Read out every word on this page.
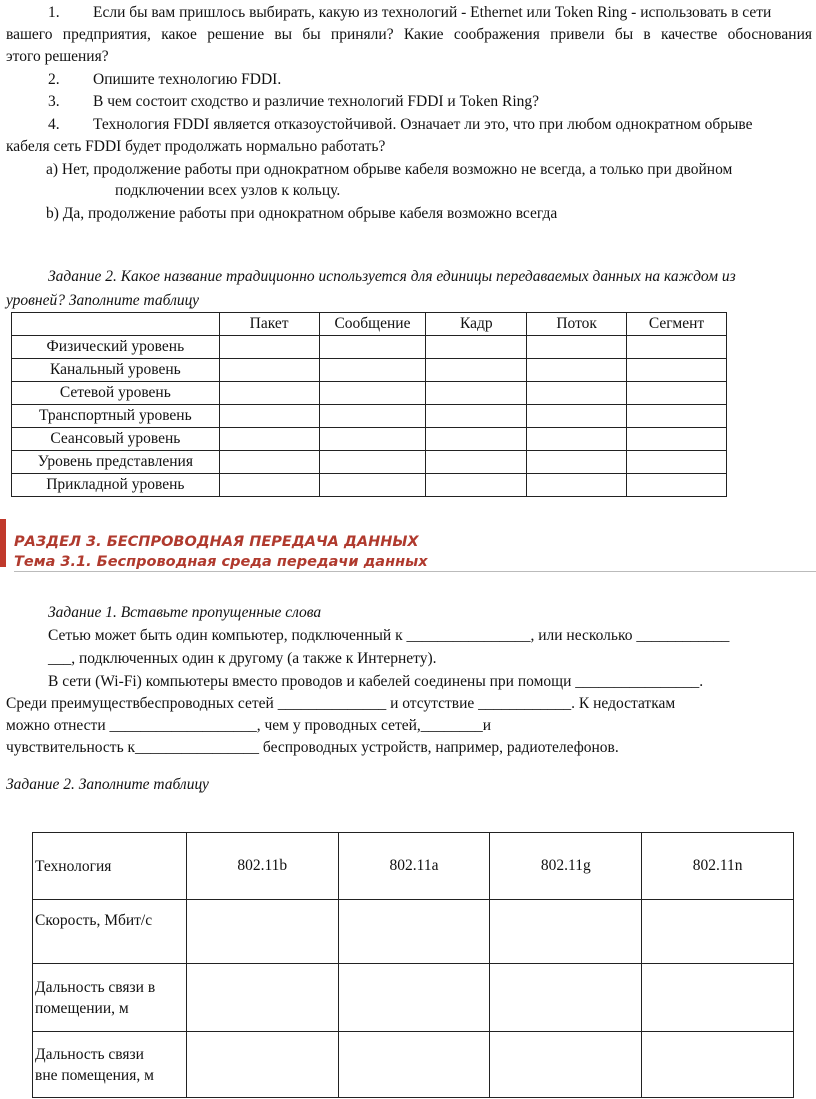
1. Если бы вам пришлось выбирать, какую из технологий - Ethernet или Token Ring - использовать в сети
вашего предприятия, какое решение вы бы приняли? Какие соображения привели бы в качестве обоснования
этого решения?
2. Опишите технологию FDDI.
3. В чем состоит сходство и различие технологий FDDI и Token Ring?
4. Технология FDDI является отказоустойчивой. Означает ли это, что при любом однократном обрыве
кабеля сеть FDDI будет продолжать нормально работать?
a) Нет, продолжение работы при однократном обрыве кабеля возможно не всегда, а только при двойном
подключении всех узлов к кольцу.
b) Да, продолжение работы при однократном обрыве кабеля возможно всегда
Задание 2. Какое название традиционно используется для единицы передаваемых данных на каждом из
уровней? Заполните таблицу
	Пакет	Сообщение	Кадр	Поток	Сегмент
Физический уровень					
Канальный уровень					
Сетевой уровень					
Транспортный уровень					
Сеансовый уровень					
Уровень представления					
Прикладной уровень					
РАЗДЕЛ 3. БЕСПРОВОДНАЯ ПЕРЕДАЧА ДАННЫХ
Тема 3.1. Беспроводная среда передачи данных
Задание 1. Вставьте пропущенные слова
Сетью может быть один компьютер, подключенный к ________________, или несколько ____________
___, подключенных один к другому (а также к Интернету).
В сети (Wi-Fi) компьютеры вместо проводов и кабелей соединены при помощи ________________.
Среди преимуществбеспроводных сетей ______________ и отсутствие ____________. К недостаткам
можно отнести ___________________, чем у проводных сетей,________и
чувствительность к________________ беспроводных устройств, например, радиотелефонов.
Задание 2. Заполните таблицу
Технология	802.11b	802.11a	802.11g	802.11n
Скорость, Мбит/с				

Дальность связи в
помещении, м				

Дальность связи
вне помещения, м				
